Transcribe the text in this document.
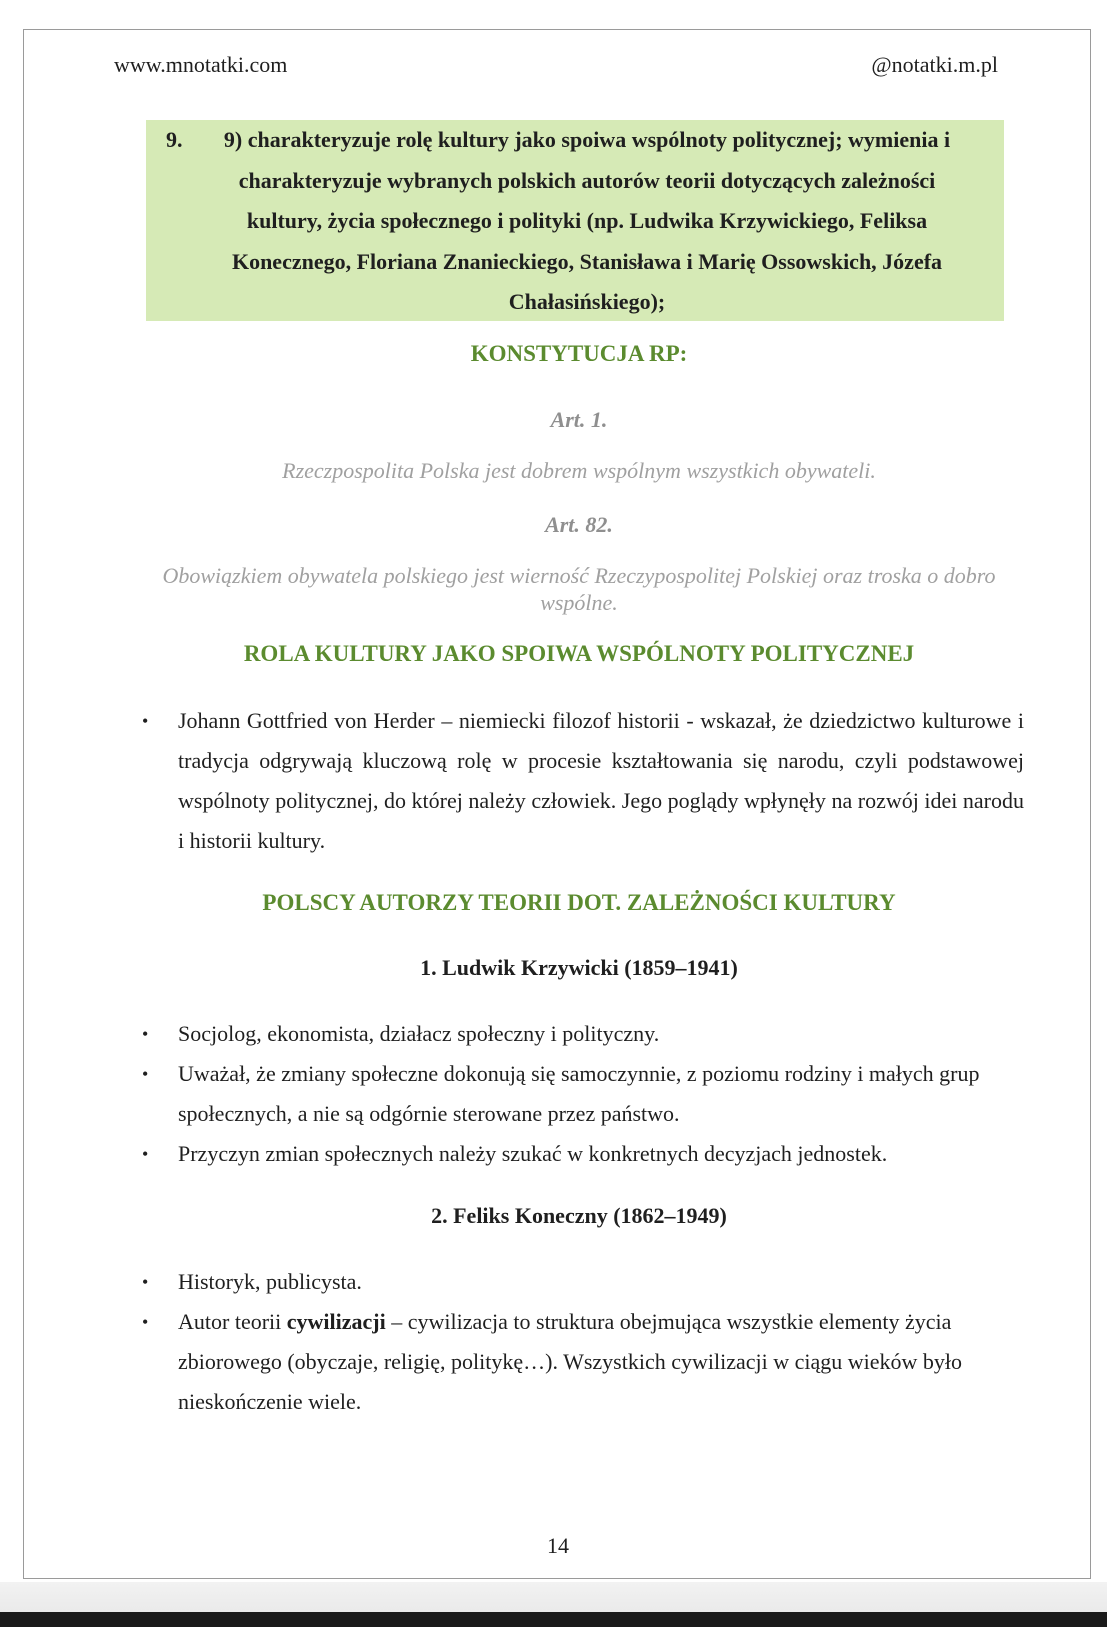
www.mnotatki.com	@notatki.m.pl
9.	9) charakteryzuje rolę kultury jako spoiwa wspólnoty politycznej; wymienia i charakteryzuje wybranych polskich autorów teorii dotyczących zależności kultury, życia społecznego i polityki (np. Ludwika Krzywickiego, Feliksa Konecznego, Floriana Znanieckiego, Stanisława i Marię Ossowskich, Józefa Chałasińskiego);

KONSTYTUCJA RP:
Art. 1.
Rzeczpospolita Polska jest dobrem wspólnym wszystkich obywateli.
Art. 82.
Obowiązkiem obywatela polskiego jest wierność Rzeczypospolitej Polskiej oraz troska o dobro wspólne.
ROLA KULTURY JAKO SPOIWA WSPÓLNOTY POLITYCZNEJ
• Johann Gottfried von Herder – niemiecki filozof historii - wskazał, że dziedzictwo kulturowe i tradycja odgrywają kluczową rolę w procesie kształtowania się narodu, czyli podstawowej wspólnoty politycznej, do której należy człowiek. Jego poglądy wpłynęły na rozwój idei narodu i historii kultury.
POLSCY AUTORZY TEORII DOT. ZALEŻNOŚCI KULTURY
1. Ludwik Krzywicki (1859–1941)
• Socjolog, ekonomista, działacz społeczny i polityczny.
• Uważał, że zmiany społeczne dokonują się samoczynnie, z poziomu rodziny i małych grup społecznych, a nie są odgórnie sterowane przez państwo.
• Przyczyn zmian społecznych należy szukać w konkretnych decyzjach jednostek.
2. Feliks Koneczny (1862–1949)
• Historyk, publicysta.
• Autor teorii cywilizacji – cywilizacja to struktura obejmująca wszystkie elementy życia zbiorowego (obyczaje, religię, politykę…). Wszystkich cywilizacji w ciągu wieków było nieskończenie wiele.
14
